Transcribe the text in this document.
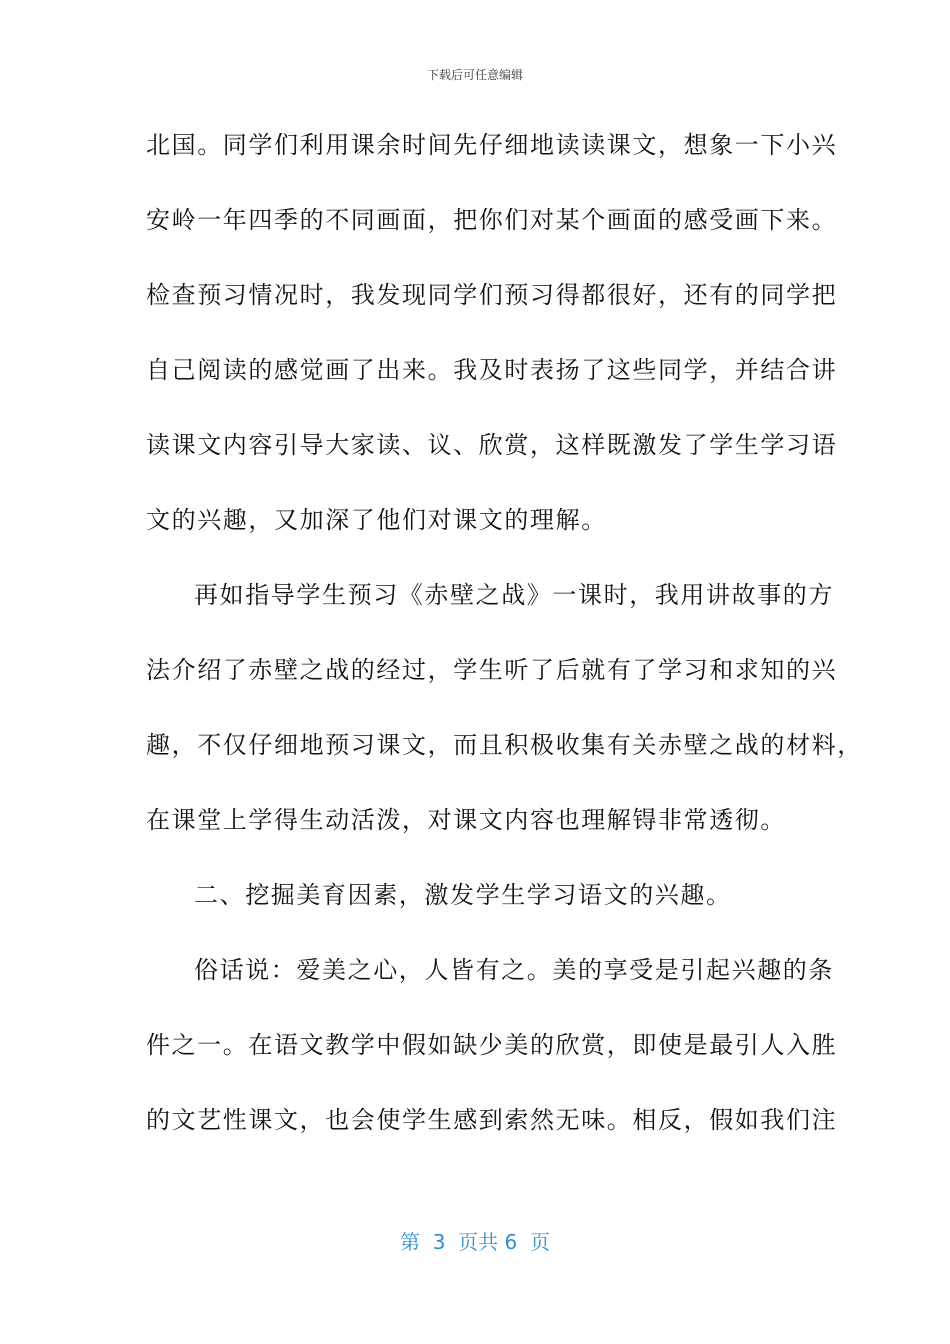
下载后可任意编辑
北国。同学们利用课余时间先仔细地读读课文，想象一下小兴
安岭一年四季的不同画面，把你们对某个画面的感受画下来。
检查预习情况时，我发现同学们预习得都很好，还有的同学把
自己阅读的感觉画了出来。我及时表扬了这些同学，并结合讲
读课文内容引导大家读、议、欣赏，这样既激发了学生学习语
文的兴趣，又加深了他们对课文的理解。
再如指导学生预习《赤壁之战》一课时，我用讲故事的方
法介绍了赤壁之战的经过，学生听了后就有了学习和求知的兴
趣，不仅仔细地预习课文，而且积极收集有关赤壁之战的材料，
在课堂上学得生动活泼，对课文内容也理解锝非常透彻。
二、挖掘美育因素，激发学生学习语文的兴趣。
俗话说：爱美之心，人皆有之。美的享受是引起兴趣的条
件之一。在语文教学中假如缺少美的欣赏，即使是最引人入胜
的文艺性课文，也会使学生感到索然无味。相反，假如我们注
第  3  页共 6  页
